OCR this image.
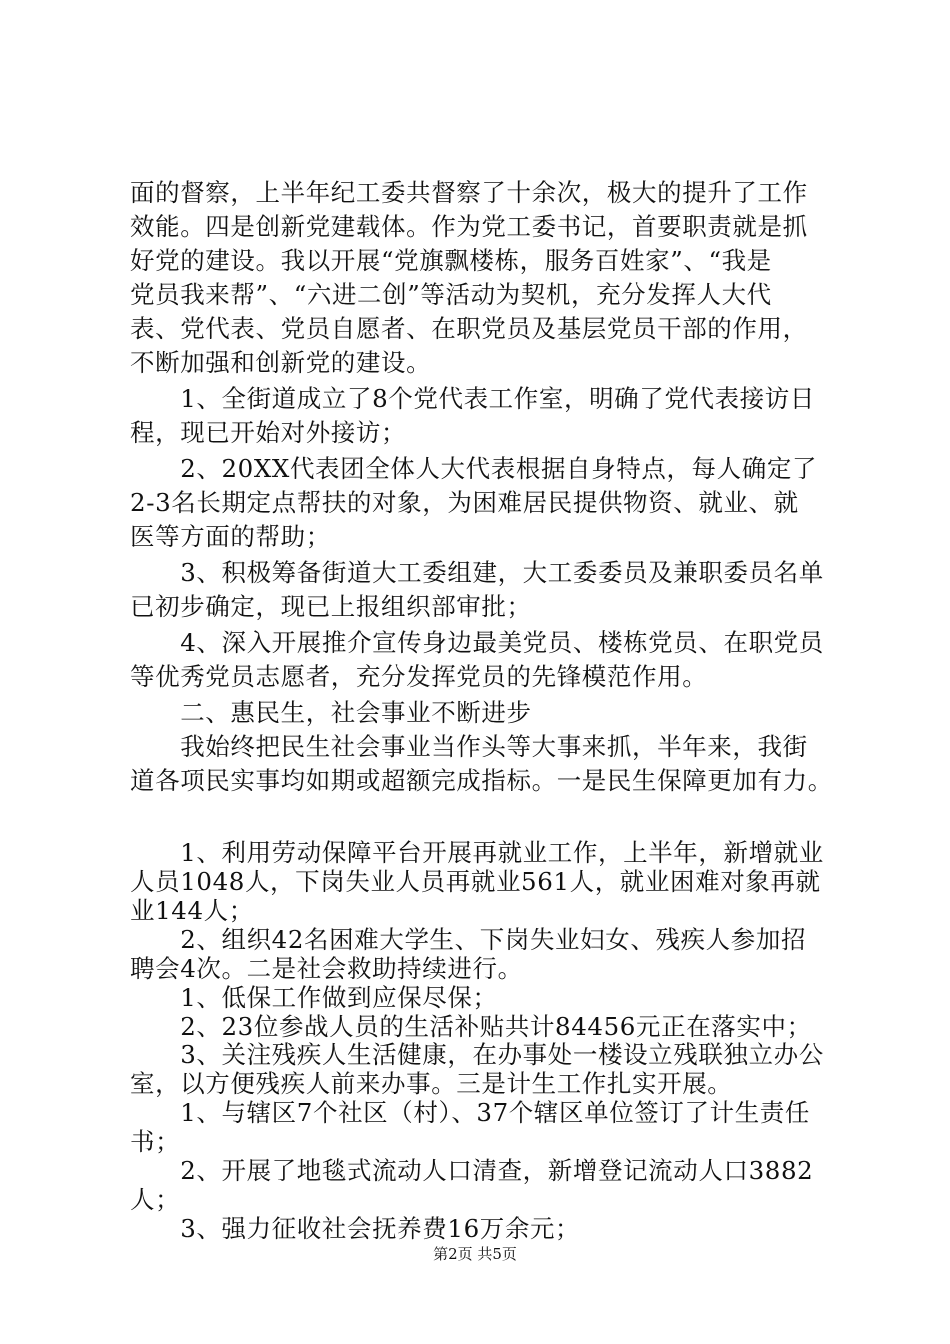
面的督察，上半年纪工委共督察了十余次，极大的提升了工作
效能。四是创新党建载体。作为党工委书记，首要职责就是抓
好党的建设。我以开展“党旗飘楼栋，服务百姓家”、“我是
党员我来帮”、“六进二创”等活动为契机，充分发挥人大代
表、党代表、党员自愿者、在职党员及基层党员干部的作用，
不断加强和创新党的建设。
　　1、全街道成立了8个党代表工作室，明确了党代表接访日
程，现已开始对外接访；
　　2、20XX代表团全体人大代表根据自身特点，每人确定了
2-3名长期定点帮扶的对象，为困难居民提供物资、就业、就
医等方面的帮助；
　　3、积极筹备街道大工委组建，大工委委员及兼职委员名单
已初步确定，现已上报组织部审批；
　　4、深入开展推介宣传身边最美党员、楼栋党员、在职党员
等优秀党员志愿者，充分发挥党员的先锋模范作用。
　　二、惠民生，社会事业不断进步
　　我始终把民生社会事业当作头等大事来抓，半年来，我街
道各项民实事均如期或超额完成指标。一是民生保障更加有力。
　　1、利用劳动保障平台开展再就业工作，上半年，新增就业
人员1048人，下岗失业人员再就业561人，就业困难对象再就
业144人；
　　2、组织42名困难大学生、下岗失业妇女、残疾人参加招
聘会4次。二是社会救助持续进行。
　　1、低保工作做到应保尽保；
　　2、23位参战人员的生活补贴共计84456元正在落实中；
　　3、关注残疾人生活健康，在办事处一楼设立残联独立办公
室，以方便残疾人前来办事。三是计生工作扎实开展。
　　1、与辖区7个社区（村）、37个辖区单位签订了计生责任
书；
　　2、开展了地毯式流动人口清查，新增登记流动人口3882
人；
　　3、强力征收社会抚养费16万余元；
第2页 共5页
